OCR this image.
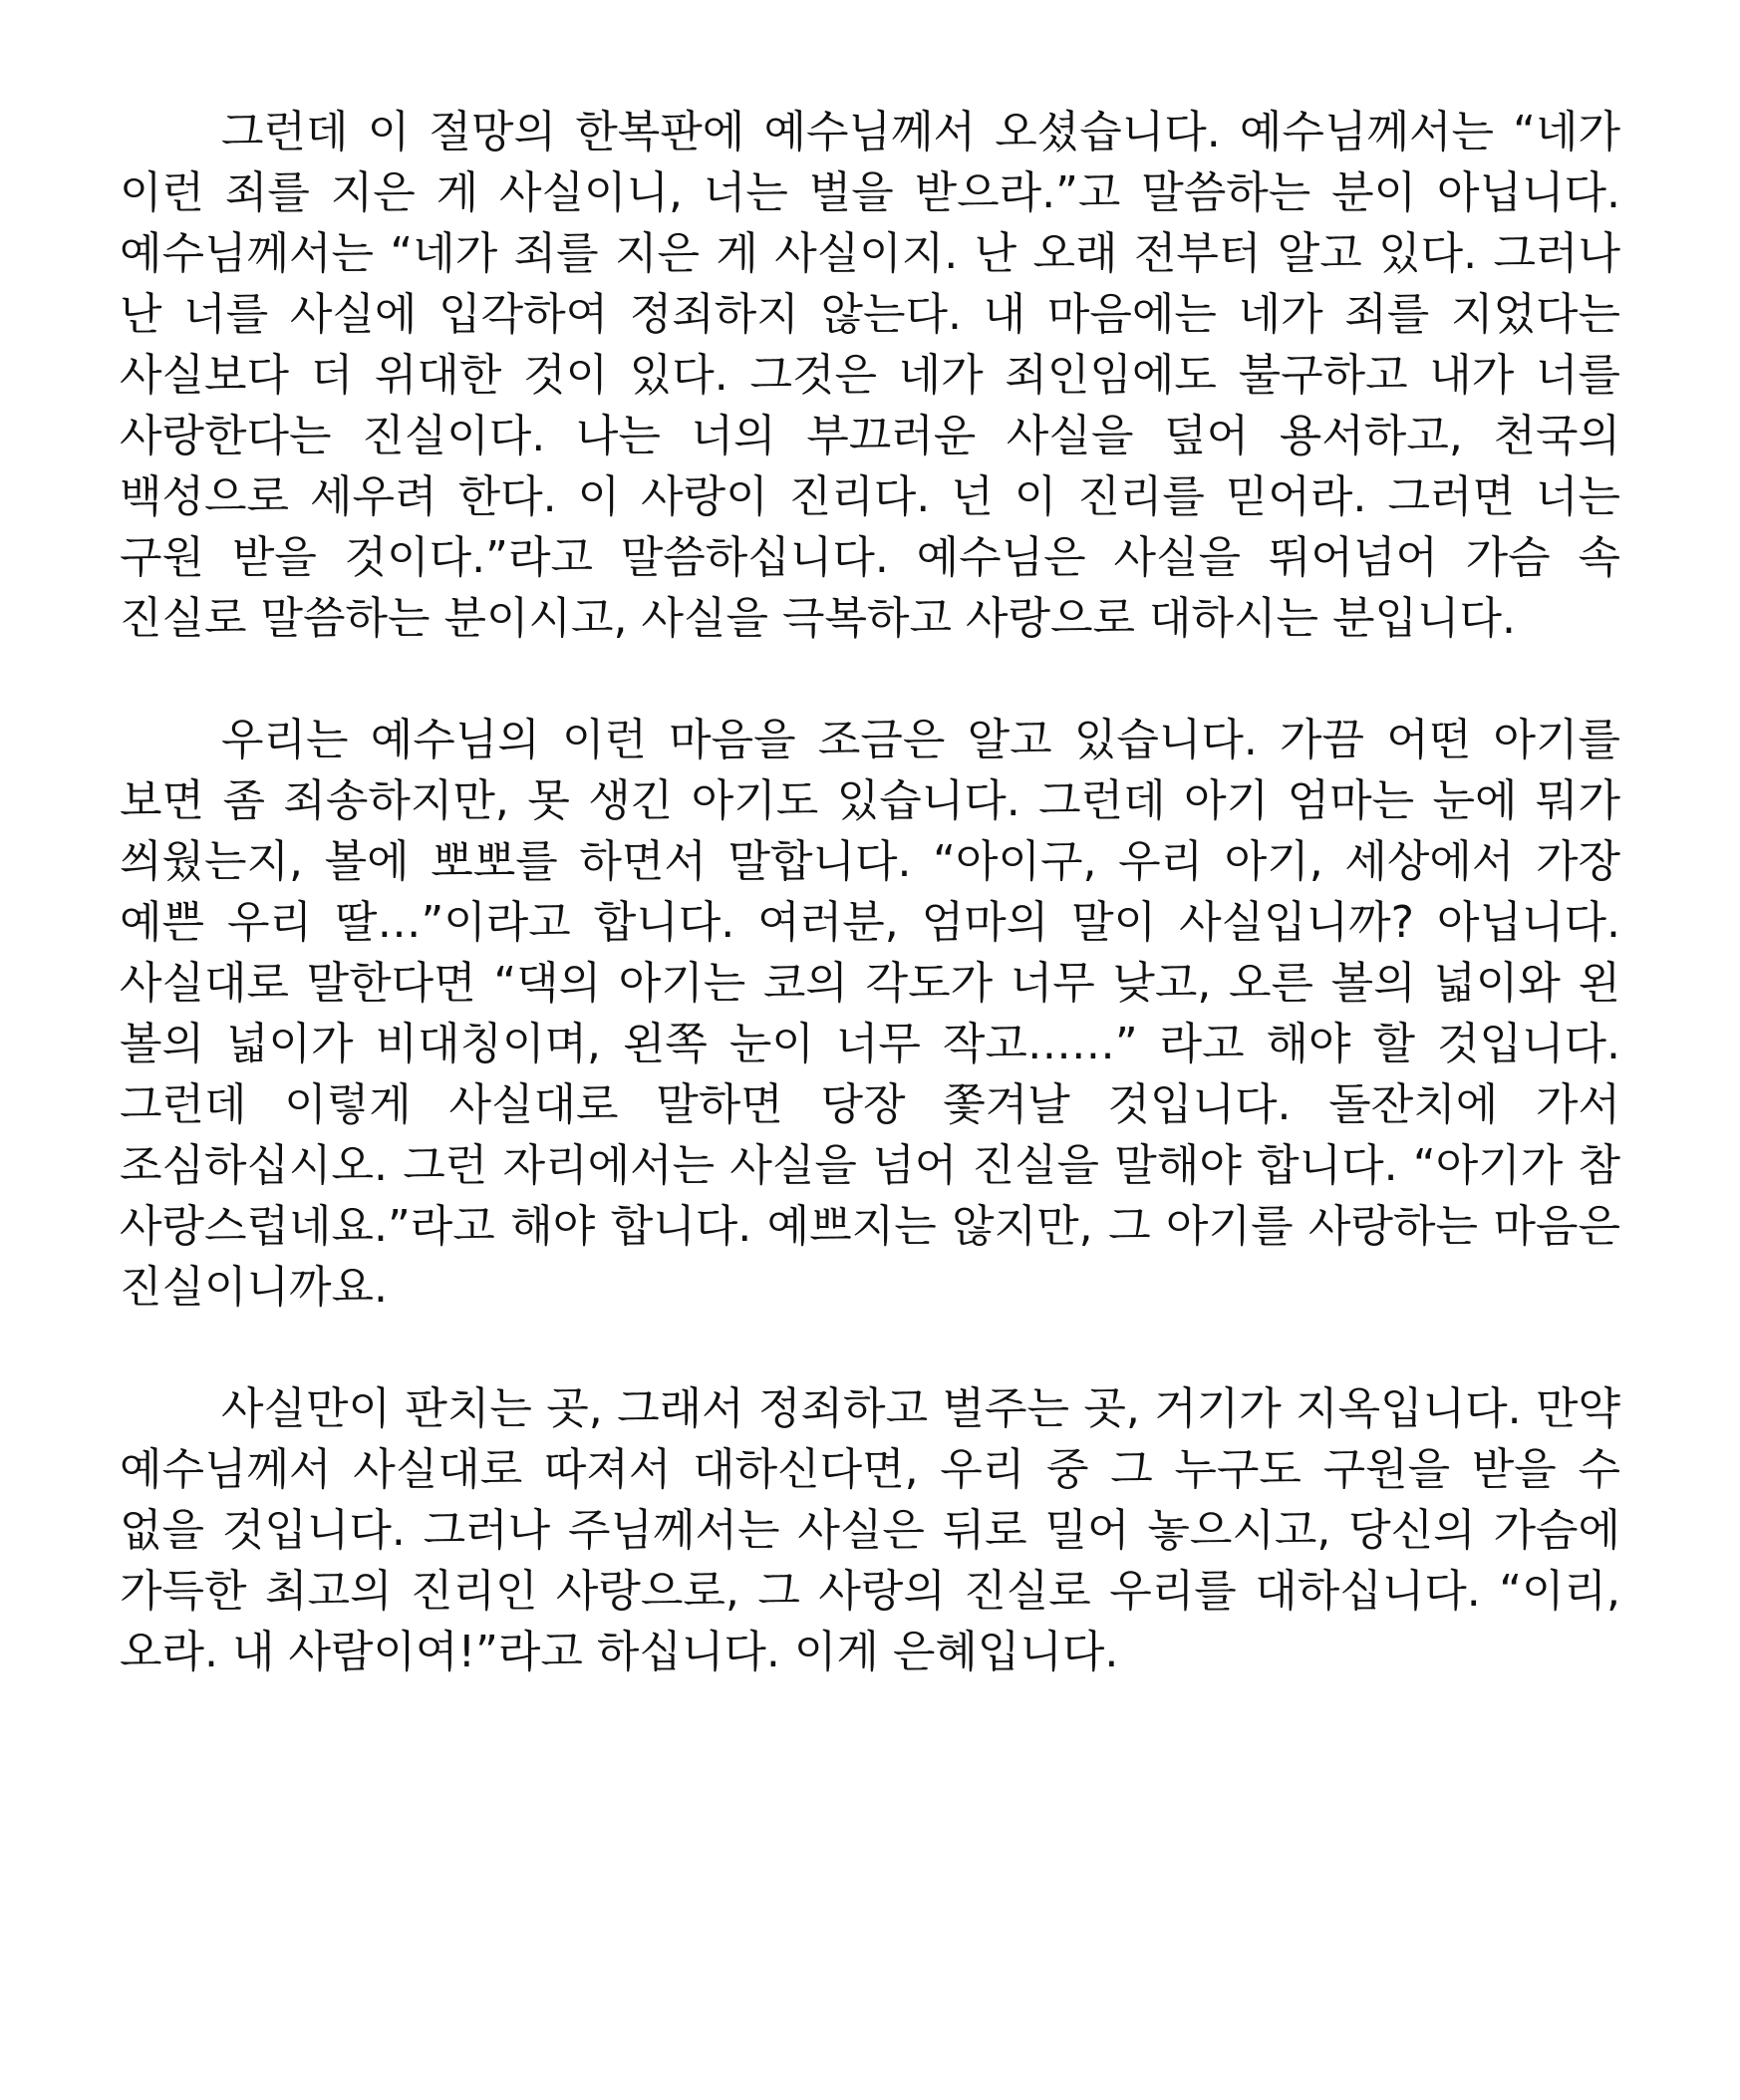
그런데 이 절망의 한복판에 예수님께서 오셨습니다. 예수님께서는 “네가 이런 죄를 지은 게 사실이니, 너는 벌을 받으라.”고 말씀하는 분이 아닙니다. 예수님께서는 “네가 죄를 지은 게 사실이지. 난 오래 전부터 알고 있다. 그러나 난 너를 사실에 입각하여 정죄하지 않는다. 내 마음에는 네가 죄를 지었다는 사실보다 더 위대한 것이 있다. 그것은 네가 죄인임에도 불구하고 내가 너를 사랑한다는 진실이다. 나는 너의 부끄러운 사실을 덮어 용서하고, 천국의 백성으로 세우려 한다. 이 사랑이 진리다. 넌 이 진리를 믿어라. 그러면 너는 구원 받을 것이다.”라고 말씀하십니다. 예수님은 사실을 뛰어넘어 가슴 속 진실로 말씀하는 분이시고, 사실을 극복하고 사랑으로 대하시는 분입니다.

우리는 예수님의 이런 마음을 조금은 알고 있습니다. 가끔 어떤 아기를 보면 좀 죄송하지만, 못 생긴 아기도 있습니다. 그런데 아기 엄마는 눈에 뭐가 씌웠는지, 볼에 뽀뽀를 하면서 말합니다. “아이구, 우리 아기, 세상에서 가장 예쁜 우리 딸…”이라고 합니다. 여러분, 엄마의 말이 사실입니까? 아닙니다. 사실대로 말한다면 “댁의 아기는 코의 각도가 너무 낮고, 오른 볼의 넓이와 왼 볼의 넓이가 비대칭이며, 왼쪽 눈이 너무 작고……” 라고 해야 할 것입니다. 그런데 이렇게 사실대로 말하면 당장 쫓겨날 것입니다. 돌잔치에 가서 조심하십시오. 그런 자리에서는 사실을 넘어 진실을 말해야 합니다. “아기가 참 사랑스럽네요.”라고 해야 합니다. 예쁘지는 않지만, 그 아기를 사랑하는 마음은 진실이니까요.

사실만이 판치는 곳, 그래서 정죄하고 벌주는 곳, 거기가 지옥입니다. 만약 예수님께서 사실대로 따져서 대하신다면, 우리 중 그 누구도 구원을 받을 수 없을 것입니다. 그러나 주님께서는 사실은 뒤로 밀어 놓으시고, 당신의 가슴에 가득한 최고의 진리인 사랑으로, 그 사랑의 진실로 우리를 대하십니다. “이리, 오라. 내 사람이여!”라고 하십니다. 이게 은혜입니다.
